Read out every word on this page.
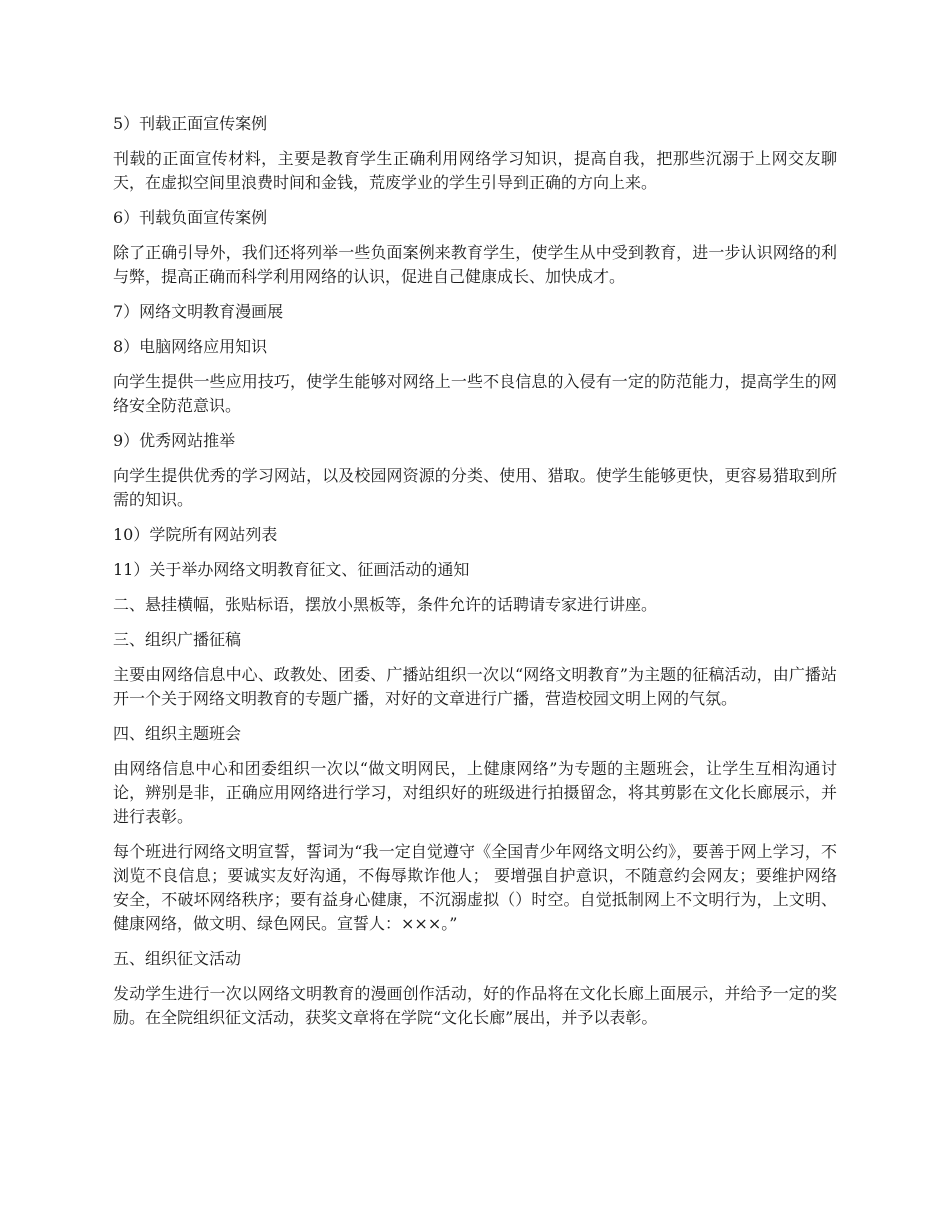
5）刊载正面宣传案例

刊载的正面宣传材料，主要是教育学生正确利用网络学习知识，提高自我，把那些沉溺于上网交友聊天，在虚拟空间里浪费时间和金钱，荒废学业的学生引导到正确的方向上来。

6）刊载负面宣传案例

除了正确引导外，我们还将列举一些负面案例来教育学生，使学生从中受到教育，进一步认识网络的利与弊，提高正确而科学利用网络的认识，促进自己健康成长、加快成才。

7）网络文明教育漫画展

8）电脑网络应用知识

向学生提供一些应用技巧，使学生能够对网络上一些不良信息的入侵有一定的防范能力，提高学生的网络安全防范意识。

9）优秀网站推举

向学生提供优秀的学习网站，以及校园网资源的分类、使用、猎取。使学生能够更快，更容易猎取到所需的知识。

10）学院所有网站列表

11）关于举办网络文明教育征文、征画活动的通知

二、悬挂横幅，张贴标语，摆放小黑板等，条件允许的话聘请专家进行讲座。

三、组织广播征稿

主要由网络信息中心、政教处、团委、广播站组织一次以“网络文明教育”为主题的征稿活动，由广播站开一个关于网络文明教育的专题广播，对好的文章进行广播，营造校园文明上网的气氛。

四、组织主题班会

由网络信息中心和团委组织一次以“做文明网民，上健康网络”为专题的主题班会，让学生互相沟通讨论，辨别是非，正确应用网络进行学习，对组织好的班级进行拍摄留念，将其剪影在文化长廊展示，并进行表彰。

每个班进行网络文明宣誓，誓词为“我一定自觉遵守《全国青少年网络文明公约》，要善于网上学习，不浏览不良信息；要诚实友好沟通，不侮辱欺诈他人； 要增强自护意识，不随意约会网友；要维护网络安全，不破坏网络秩序；要有益身心健康，不沉溺虚拟（）时空。自觉抵制网上不文明行为，上文明、健康网络，做文明、绿色网民。宣誓人：×××。”

五、组织征文活动

发动学生进行一次以网络文明教育的漫画创作活动，好的作品将在文化长廊上面展示，并给予一定的奖励。在全院组织征文活动，获奖文章将在学院“文化长廊”展出，并予以表彰。
